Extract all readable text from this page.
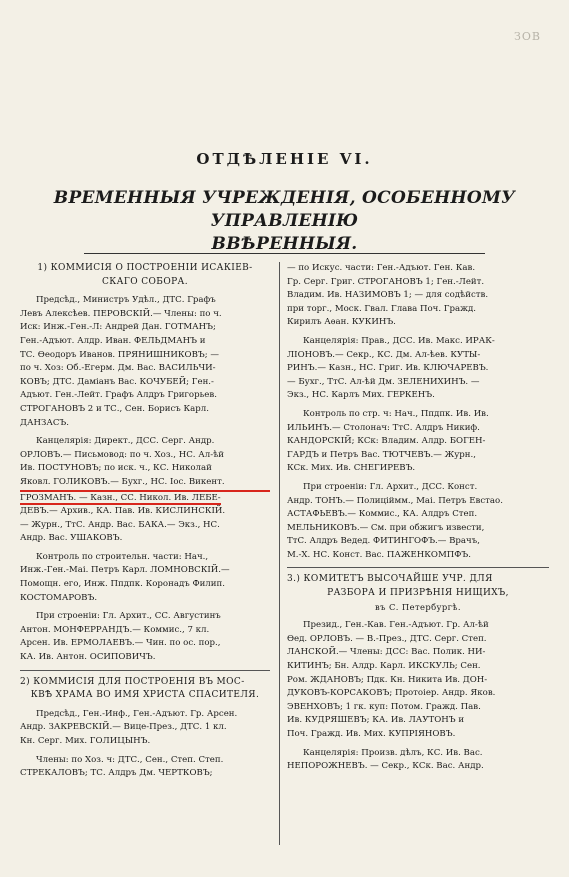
ЗОВ
ОТДѢЛЕНІЕ VI.
ВРЕМЕННЫЯ УЧРЕЖДЕНІЯ, ОСОБЕННОМУ УПРАВЛЕНІЮ
ВВѢРЕННЫЯ.
1) КОММИСІЯ О ПОСТРОЕНІИ ИСАКІЕВ-
СКАГО СОБОРА.

Предсѣд., Министръ Удѣл., ДТС. Графъ

Левъ Алексѣев. ПЕРОВСКІЙ.— Члены: по ч.

Иск: Инж.-Ген.-Л: Андрей Дан. ГОТМАНЪ;

Ген.-Адъют. Алдр. Иван. ФЕЛЬДМАНЪ и

ТС. Ѳеодоръ Иванов. ПРЯНИШНИКОВЪ; —

по ч. Хоз: Об.-Егерм. Дм. Вас. ВАСИЛЬЧИ-

КОВЪ; ДТС. Даміанъ Вас. КОЧУБЕЙ; Ген.-

Адъют. Ген.-Лейт. Графъ Алдръ Григорьев.

СТРОГАНОВЪ 2 и ТС., Сен. Борисъ Карл.

ДАНЗАСЪ.

Канцелярія: Директ., ДСС. Серг. Андр.

ОРЛОВЪ.— Письмовод: по ч. Хоз., НС. Ал-ѣй

Ив. ПОСТУНОВЪ; по иск. ч., КС. Николай

Яковл. ГОЛИКОВЪ.— Бухг., НС. Іос. Викент.

ГРОЗМАНЪ. — Казн., СС. Никол. Ив. ЛЕБЕ-

ДЕВЪ.— Архив., КА. Пав. Ив. КИСЛИНСКІЙ.

— Журн., ТтС. Андр. Вас. БАКА.— Экз., НС.

Андр. Вас. УШАКОВЪ.

Контроль по строительн. части: Нач.,

Инж.-Ген.-Маі. Петръ Карл. ЛОМНОВСКІЙ.—

Помощн. его, Инж. Ппдпк. Коронадъ Филип.

КОСТОМАРОВЪ.

При строеніи: Гл. Архит., СС. Августинъ

Антон. МОНФЕРРАНДЪ.— Коммис., 7 кл.

Арсен. Ив. ЕРМОЛАЕВЪ.— Чин. по ос. пор.,

КА. Ив. Антон. ОСИПОВИЧЪ.

2) КОММИСІЯ ДЛЯ ПОСТРОЕНІЯ ВЪ МОС-
КВѢ ХРАМА ВО ИМЯ ХРИСТА СПАСИТЕЛЯ.

Предсѣд., Ген.-Инф., Ген.-Адъют. Гр. Арсен.

Андр. ЗАКРЕВСКІЙ.— Вице-През., ДТС. 1 кл.

Кн. Серг. Мих. ГОЛИЦЫНЪ.

Члены: по Хоз. ч: ДТС., Сен., Степ. Степ.

СТРЕКАЛОВЪ; ТС. Алдръ Дм. ЧЕРТКОВЪ;

— по Искус. части: Ген.-Адъют. Ген. Кав.

Гр. Серг. Григ. СТРОГАНОВЪ 1; Ген.-Лейт.

Владим. Ив. НАЗИМОВЪ 1; — для содѣйств.

при торг., Моск. Гвал. Глава Поч. Гражд.

Кирилъ Аѳан. КУКИНЪ.

Канцелярія: Прав., ДСС. Ив. Макс. ИРАК-

ЛІОНОВЪ.— Секр., КС. Дм. Ал-ѣев. КУТЫ-

РИНЪ.— Казн., НС. Григ. Ив. КЛЮЧАРЕВЪ.

— Бухг., ТтС. Ал-ѣй Дм. ЗЕЛЕНИХИНЪ. —

Экз., НС. Карлъ Мих. ГЕРКЕНЪ.

Контроль по стр. ч: Нач., Ппдпк. Ив. Ив.

ИЛЬИНЪ.— Столонач: ТтС. Алдръ Никиф.

КАНДОРСКІЙ; КСк: Владим. Алдр. БОГЕН-

ГАРДЪ и Петръ Вас. ТЮТЧЕВЪ.— Журн.,

КСк. Мих. Ив. СНЕГИРЕВЪ.

При строеніи: Гл. Архит., ДСС. Конст.

Андр. ТОНЪ.— Полиціймм., Маі. Петръ Евстао.

АСТАФЬЕВЪ.— Коммис., КА. Алдръ Степ.

МЕЛЬНИКОВЪ.— См. при обжигъ извести,

ТтС. Алдръ Ведед. ФИТИНГОФЪ.— Врачъ,

М.-Х. НС. Конст. Вас. ПАЖЕНКОМПФЪ.

3.) КОМИТЕТЪ ВЫСОЧАЙШЕ УЧР. ДЛЯ
РАЗБОРА И ПРИЗРѢНІЯ НИЩИХЪ,
въ С. Петербургѣ.

Презид., Ген.-Кав. Ген.-Адъют. Гр. Ал-ѣй

Ѳед. ОРЛОВЪ. — В.-През., ДТС. Серг. Степ.

ЛАНСКОЙ.— Члены: ДСС: Вас. Полик. НИ-

КИТИНЪ; Бн. Алдр. Карл. ИКСКУЛЬ; Сен.

Ром. ЖДАНОВЪ; Пдк. Кн. Никита Ив. ДОН-

ДУКОВЪ-КОРСАКОВЪ; Протоіер. Андр. Яков.

ЭВЕНХОВЪ; 1 гк. куп: Потом. Гражд. Пав.

Ив. КУДРЯШЕВЪ; КА. Ив. ЛАУТОНЪ и

Поч. Гражд. Ив. Мих. КУПРІЯНОВЪ.

Канцелярія: Произв. дѣлъ, КС. Ив. Вас.

НЕПОРОЖНЕВЪ. — Секр., КСк. Вас. Андр.
